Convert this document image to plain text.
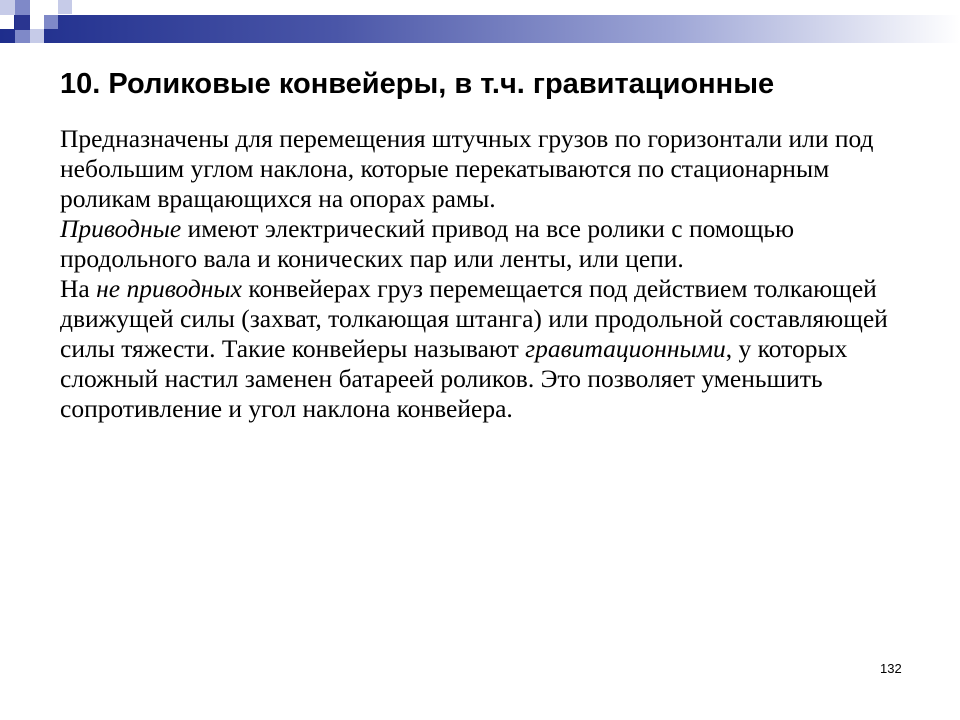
10. Роликовые конвейеры, в т.ч. гравитационные

Предназначены для перемещения штучных грузов по горизонтали или под небольшим углом наклона, которые перекатываются по стационарным роликам вращающихся на опорах рамы.

Приводные имеют электрический привод на все ролики с помощью продольного вала и конических пар или ленты, или цепи.

На не приводных конвейерах груз перемещается под действием толкающей движущей силы (захват, толкающая штанга) или продольной составляющей силы тяжести. Такие конвейеры называют гравитационными, у которых сложный настил заменен батареей роликов. Это позволяет уменьшить сопротивление и угол наклона конвейера.

132
